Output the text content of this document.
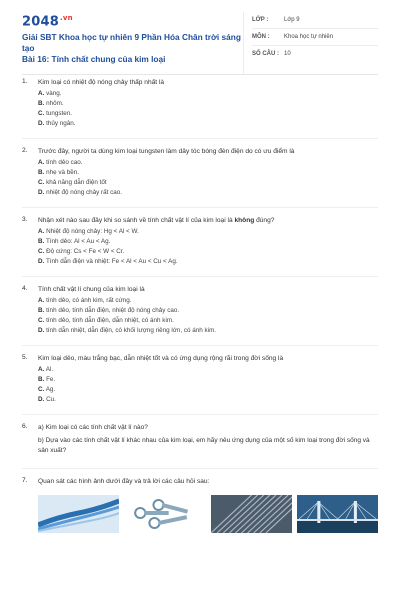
$2048^{.vn}$
Giải SBT Khoa học tự nhiên 9 Phần Hóa Chân trời sáng tạo
Bài 16: Tính chất chung của kim loại
LỚP :	Lớp 9
MÔN :	Khoa học tự nhiên
SỐ CÂU : 10
1. Kim loại có nhiệt độ nóng chảy thấp nhất là
A. vàng.
B. nhôm.
C. tungsten.
D. thủy ngân.
2. Trước đây, người ta dùng kim loại tungsten làm dây tóc bóng đèn điện do có ưu điểm là
A. tính dẻo cao.
B. nhẹ và bền.
C. khả năng dẫn điện tốt
D. nhiệt độ nóng chảy rất cao.
3. Nhận xét nào sau đây khi so sánh về tính chất vật lí của kim loại là không đúng?
A. Nhiệt độ nóng chảy: Hg < Al < W.
B. Tính dẻo: Al < Au < Ag.
C. Độ cứng: Cs < Fe < W < Cr.
D. Tính dẫn điện và nhiệt: Fe < Al < Au < Cu < Ag.
4. Tính chất vật lí chung của kim loại là
A. tính dẻo, có ánh kim, rất cứng.
B. tính dẻo, tính dẫn điện, nhiệt độ nóng chảy cao.
C. tính dẻo, tính dẫn điện, dẫn nhiệt, có ánh kim.
D. tính dẫn nhiệt, dẫn điện, có khối lượng riêng lớn, có ánh kim.
5. Kim loại dẻo, màu trắng bạc, dẫn nhiệt tốt và có ứng dụng rộng rãi trong đời sống là
A. Al.
B. Fe.
C. Ag.
D. Cu.
6. a) Kim loại có các tính chất vật lí nào?
b) Dựa vào các tính chất vật lí khác nhau của kim loại, em hãy nêu ứng dụng của một số kim loại trong đời sống và sản xuất?
7. Quan sát các hình ảnh dưới đây và trả lời các câu hỏi sau:
